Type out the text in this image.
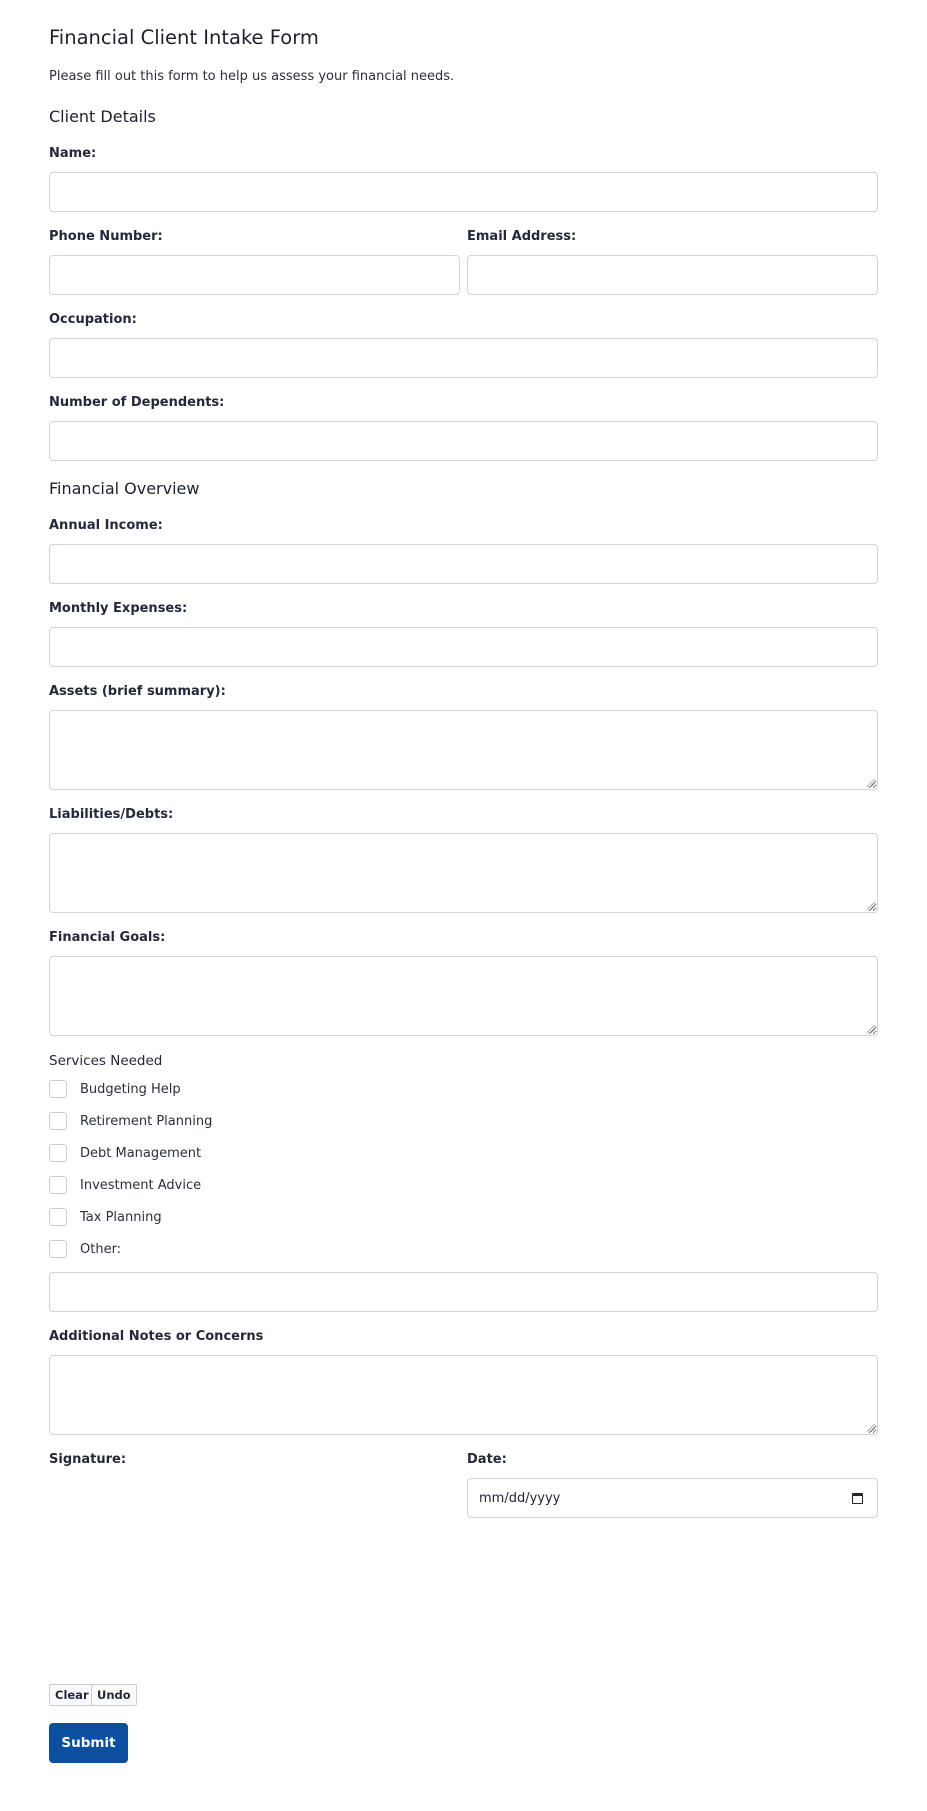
Financial Client Intake Form
Please fill out this form to help us assess your financial needs.
Client Details
Name:
Phone Number:	Email Address:
Occupation:
Number of Dependents:
Financial Overview
Annual Income:
Monthly Expenses:
Assets (brief summary):
Liabilities/Debts:
Financial Goals:
Services Needed
Budgeting Help
Retirement Planning
Debt Management
Investment Advice
Tax Planning
Other:
Additional Notes or Concerns
Signature:	Date:
mm/dd/yyyy
Clear Undo
Submit
